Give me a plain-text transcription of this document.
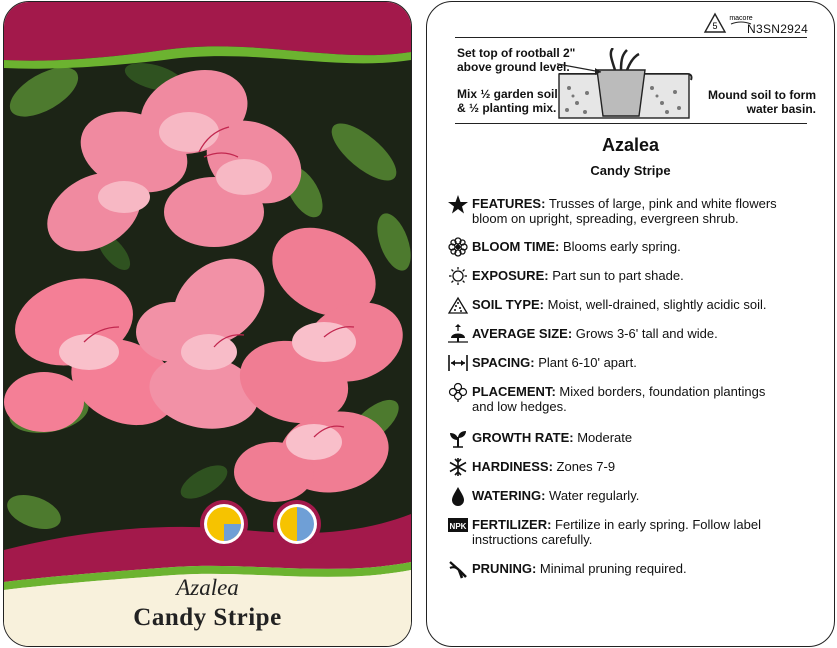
Azalea
Candy Stripe
5
macore
N3SN2924
Set top of rootball 2"
above ground level.
Mix ½ garden soil
& ½ planting mix.
Mound soil to form
water basin.
Azalea
Candy Stripe
FEATURES: Trusses of large, pink and white flowers
bloom on upright, spreading, evergreen shrub.
BLOOM TIME: Blooms early spring.
EXPOSURE: Part sun to part shade.
SOIL TYPE: Moist, well-drained, slightly acidic soil.
AVERAGE SIZE: Grows 3-6' tall and wide.
SPACING: Plant 6-10' apart.
PLACEMENT: Mixed borders, foundation plantings
and low hedges.
GROWTH RATE: Moderate
HARDINESS: Zones 7-9
WATERING: Water regularly.
NPK FERTILIZER: Fertilize in early spring. Follow label
instructions carefully.
PRUNING: Minimal pruning required.
